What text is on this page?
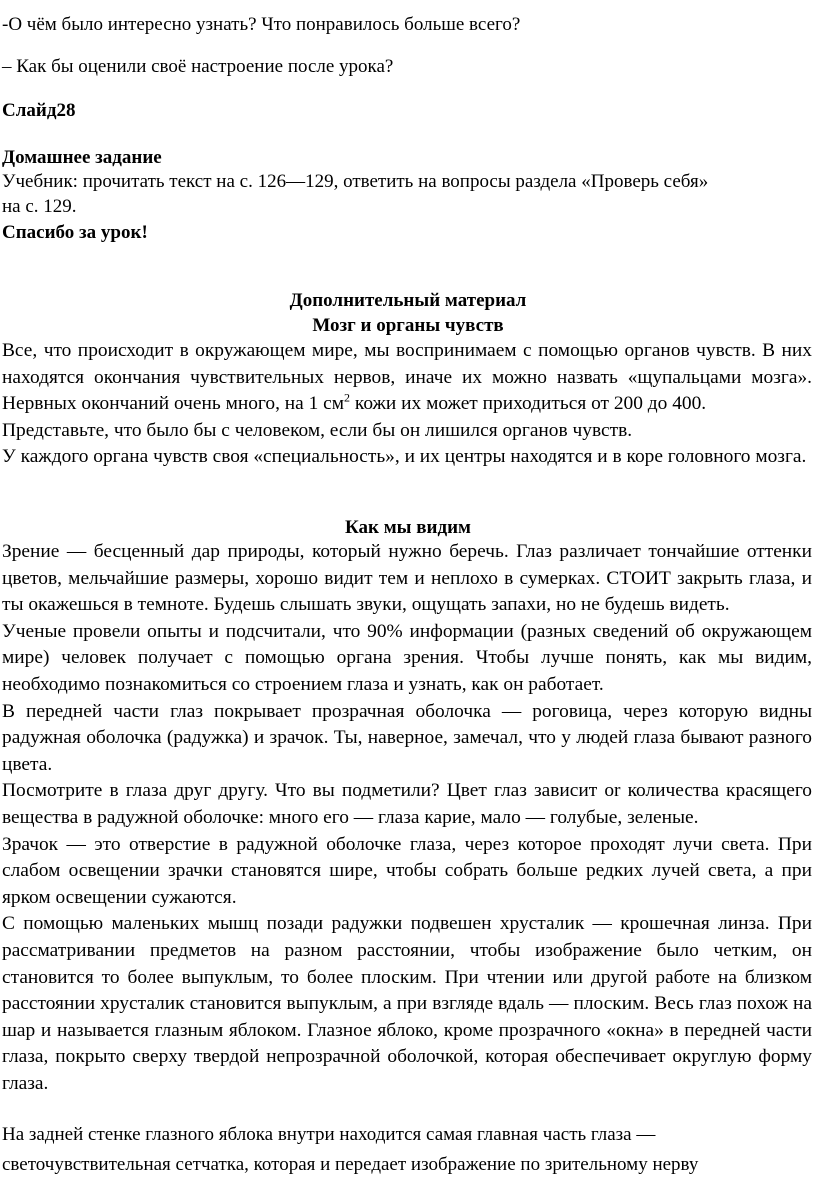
-О чём было интересно узнать? Что понравилось больше всего?
– Как бы оценили своё настроение после урока?
Слайд28
Домашнее задание
Учебник: прочитать текст на с. 126—129, ответить на вопросы раздела «Проверь себя»
на с. 129.
Спасибо за урок!
Дополнительный материал
Мозг и органы чувств

Все, что происходит в окружающем мире, мы воспринимаем с помощью органов чувств. В них находятся окончания чувствительных нервов, иначе их можно назвать «щупальцами мозга». Нервных окончаний очень много, на 1 $см^2$ кожи их может приходиться от 200 до 400.

Представьте, что было бы с человеком, если бы он лишился органов чувств.

У каждого органа чувств своя «специальность», и их центры находятся и в коре головного мозга.

Как мы видим

Зрение — бесценный дар природы, который нужно беречь. Глаз различает тончайшие оттенки цветов, мельчайшие размеры, хорошо видит тем и неплохо в сумерках. СТОИТ закрыть глаза, и ты окажешься в темноте. Будешь слышать звуки, ощущать запахи, но не будешь видеть.

Ученые провели опыты и подсчитали, что 90% информации (разных сведений об окружающем мире) человек получает с помощью органа зрения. Чтобы лучше понять, как мы видим, необходимо познакомиться со строением глаза и узнать, как он работает.

В передней части глаз покрывает прозрачная оболочка — роговица, через которую видны радужная оболочка (радужка) и зрачок. Ты, наверное, замечал, что у людей глаза бывают разного цвета.

Посмотрите в глаза друг другу. Что вы подметили? Цвет глаз зависит or количества красящего вещества в радужной оболочке: много его — глаза карие, мало — голубые, зеленые.

Зрачок — это отверстие в радужной оболочке глаза, через которое проходят лучи света. При слабом освещении зрачки становятся шире, чтобы собрать больше редких лучей света, а при ярком освещении сужаются.

С помощью маленьких мышц позади радужки подвешен хрусталик — крошечная линза. При рассматривании предметов на разном расстоянии, чтобы изображение было четким, он становится то более выпуклым, то более плоским. При чтении или другой работе на близком расстоянии хрусталик становится выпуклым, а при взгляде вдаль — плоским. Весь глаз похож на шар и называется глазным яблоком. Глазное яблоко, кроме прозрачного «окна» в передней части глаза, покрыто сверху твердой непрозрачной оболочкой, которая обеспечивает округлую форму глаза.

На задней стенке глазного яблока внутри находится самая главная часть глаза —
светочувствительная сетчатка, которая и передает изображение по зрительному нерву
